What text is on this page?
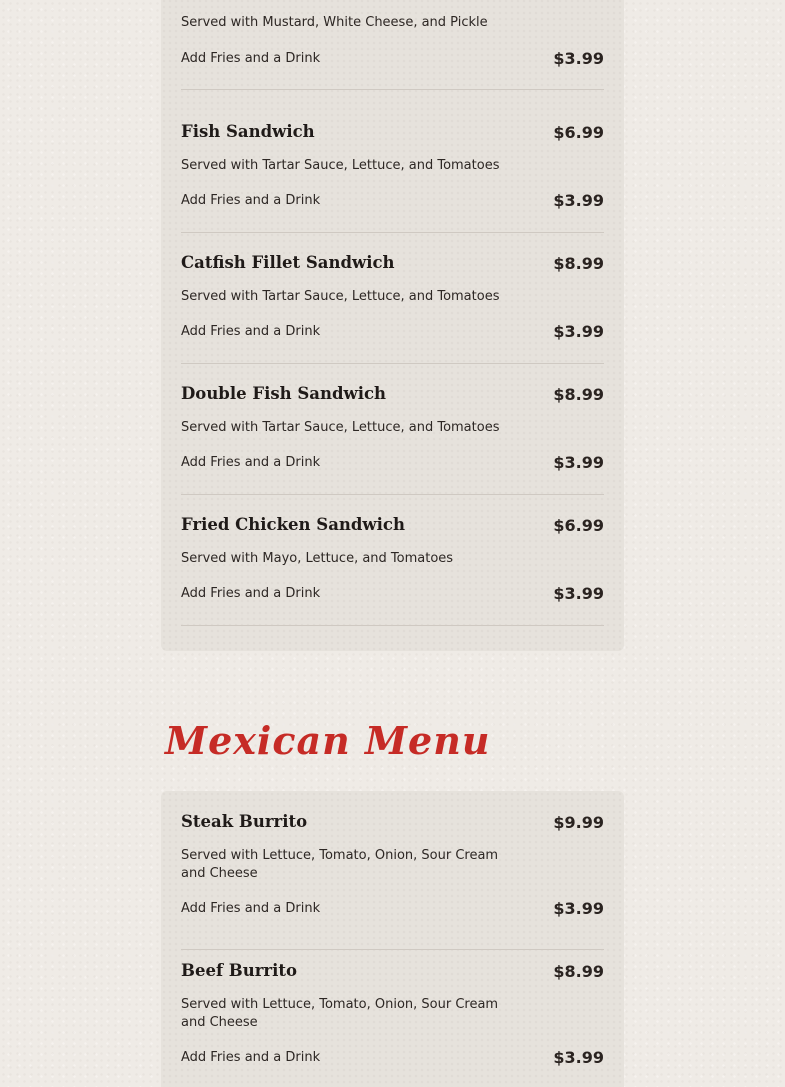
Served with Mustard, White Cheese, and Pickle
Add Fries and a Drink	$3.99
Fish Sandwich	$6.99
Served with Tartar Sauce, Lettuce, and Tomatoes
Add Fries and a Drink	$3.99
Catfish Fillet Sandwich	$8.99
Served with Tartar Sauce, Lettuce, and Tomatoes
Add Fries and a Drink	$3.99
Double Fish Sandwich	$8.99
Served with Tartar Sauce, Lettuce, and Tomatoes
Add Fries and a Drink	$3.99
Fried Chicken Sandwich	$6.99
Served with Mayo, Lettuce, and Tomatoes
Add Fries and a Drink	$3.99
Mexican Menu
Steak Burrito	$9.99
Served with Lettuce, Tomato, Onion, Sour Cream and Cheese
Add Fries and a Drink	$3.99
Beef Burrito	$8.99
Served with Lettuce, Tomato, Onion, Sour Cream and Cheese
Add Fries and a Drink	$3.99
